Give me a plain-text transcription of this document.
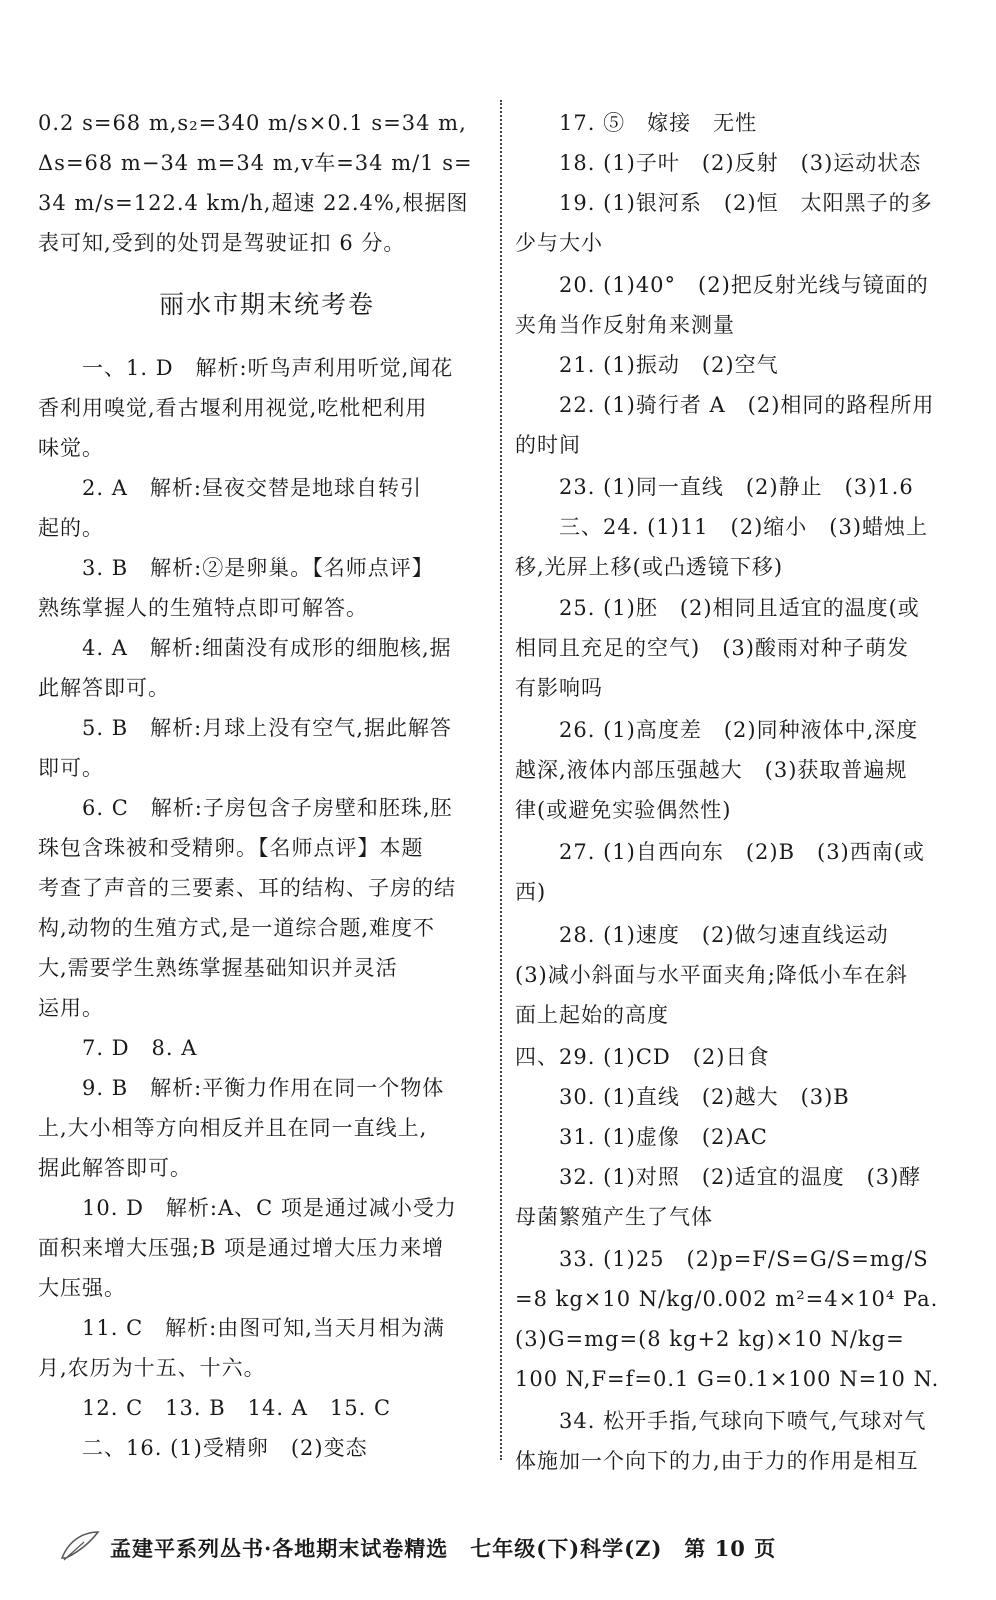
0.2 s=68 m,s₂=340 m/s×0.1 s=34 m,
Δs=68 m−34 m=34 m,v车=34 m/1 s=
34 m/s=122.4 km/h,超速 22.4%,根据图
表可知,受到的处罚是驾驶证扣 6 分。
丽水市期末统考卷
一、1. D　解析:听鸟声利用听觉,闻花
香利用嗅觉,看古堰利用视觉,吃枇杷利用
味觉。
2. A　解析:昼夜交替是地球自转引
起的。
3. B　解析:②是卵巢。【名师点评】
熟练掌握人的生殖特点即可解答。
4. A　解析:细菌没有成形的细胞核,据
此解答即可。
5. B　解析:月球上没有空气,据此解答
即可。
6. C　解析:子房包含子房壁和胚珠,胚
珠包含珠被和受精卵。【名师点评】本题
考查了声音的三要素、耳的结构、子房的结
构,动物的生殖方式,是一道综合题,难度不
大,需要学生熟练掌握基础知识并灵活
运用。
7. D　8. A
9. B　解析:平衡力作用在同一个物体
上,大小相等方向相反并且在同一直线上,
据此解答即可。
10. D　解析:A、C 项是通过减小受力
面积来增大压强;B 项是通过增大压力来增
大压强。
11. C　解析:由图可知,当天月相为满
月,农历为十五、十六。
12. C　13. B　14. A　15. C
二、16. (1)受精卵　(2)变态
17. ⑤　嫁接　无性
18. (1)子叶　(2)反射　(3)运动状态
19. (1)银河系　(2)恒　太阳黑子的多
少与大小
20. (1)40°　(2)把反射光线与镜面的
夹角当作反射角来测量
21. (1)振动　(2)空气
22. (1)骑行者 A　(2)相同的路程所用
的时间
23. (1)同一直线　(2)静止　(3)1.6
三、24. (1)11　(2)缩小　(3)蜡烛上
移,光屏上移(或凸透镜下移)
25. (1)胚　(2)相同且适宜的温度(或
相同且充足的空气)　(3)酸雨对种子萌发
有影响吗
26. (1)高度差　(2)同种液体中,深度
越深,液体内部压强越大　(3)获取普遍规
律(或避免实验偶然性)
27. (1)自西向东　(2)B　(3)西南(或
西)
28. (1)速度　(2)做匀速直线运动
(3)减小斜面与水平面夹角;降低小车在斜
面上起始的高度
四、29. (1)CD　(2)日食
30. (1)直线　(2)越大　(3)B
31. (1)虚像　(2)AC
32. (1)对照　(2)适宜的温度　(3)酵
母菌繁殖产生了气体
33. (1)25　(2)p=F/S=G/S=mg/S
=8 kg×10 N/kg/0.002 m²=4×10⁴ Pa.
(3)G=mg=(8 kg+2 kg)×10 N/kg=
100 N,F=f=0.1 G=0.1×100 N=10 N.
34. 松开手指,气球向下喷气,气球对气
体施加一个向下的力,由于力的作用是相互
孟建平系列丛书·各地期末试卷精选　七年级(下)科学(Z)　第 10 页
